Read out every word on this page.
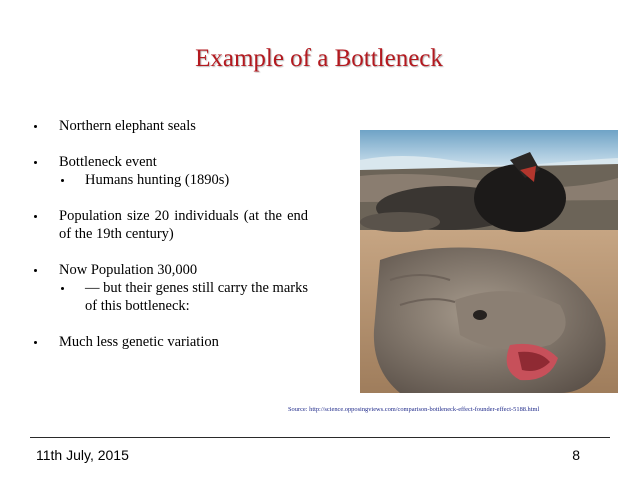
Example of a Bottleneck
Northern elephant seals
Bottleneck event
Humans hunting (1890s)
Population size 20 individuals (at the end of the 19th century)
Now Population 30,000
— but their genes still carry the marks of this bottleneck:
Much less genetic variation
Source: http://science.opposingviews.com/comparison-bottleneck-effect-founder-effect-5188.html
11th July, 2015	8
